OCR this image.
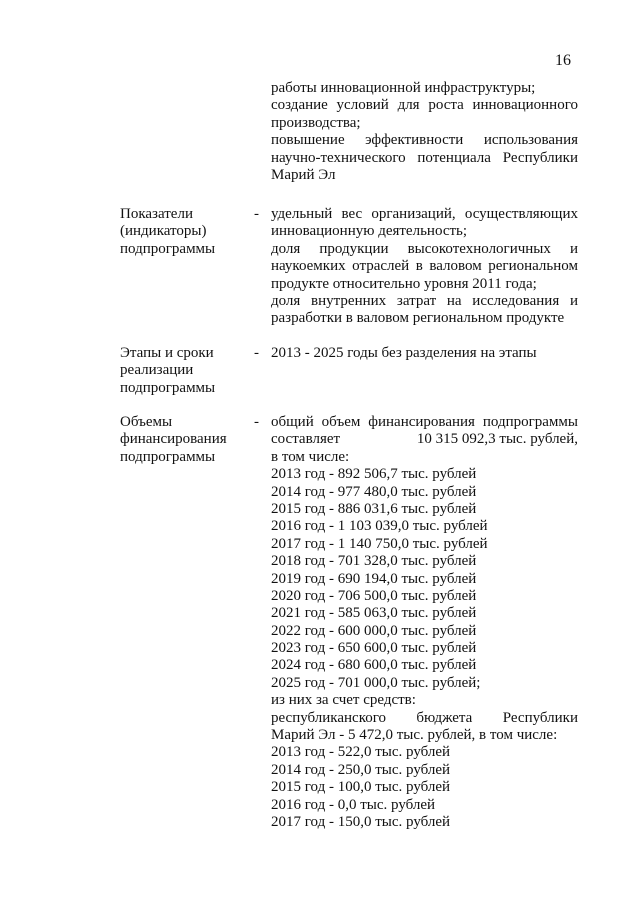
16
работы инновационной инфраструктуры;
создание условий для роста инновационного
производства;
повышение эффективности использования
научно-технического потенциала Республики
Марий Эл
Показатели
(индикаторы)
подпрограммы
- удельный вес организаций, осуществляющих
инновационную деятельность;
доля продукции высокотехнологичных и
наукоемких отраслей в валовом региональном
продукте относительно уровня 2011 года;
доля внутренних затрат на исследования и
разработки в валовом региональном продукте
Этапы и сроки
реализации
подпрограммы
- 2013 - 2025 годы без разделения на этапы
Объемы
финансирования
подпрограммы
- общий объем финансирования подпрограммы
составляет	10 315 092,3 тыс. рублей,
в том числе:
2013 год - 892 506,7 тыс. рублей
2014 год - 977 480,0 тыс. рублей
2015 год - 886 031,6 тыс. рублей
2016 год - 1 103 039,0 тыс. рублей
2017 год - 1 140 750,0 тыс. рублей
2018 год - 701 328,0 тыс. рублей
2019 год - 690 194,0 тыс. рублей
2020 год - 706 500,0 тыс. рублей
2021 год - 585 063,0 тыс. рублей
2022 год - 600 000,0 тыс. рублей
2023 год - 650 600,0 тыс. рублей
2024 год - 680 600,0 тыс. рублей
2025 год - 701 000,0 тыс. рублей;
из них за счет средств:
республиканского бюджета Республики
Марий Эл - 5 472,0 тыс. рублей, в том числе:
2013 год - 522,0 тыс. рублей
2014 год - 250,0 тыс. рублей
2015 год - 100,0 тыс. рублей
2016 год - 0,0 тыс. рублей
2017 год - 150,0 тыс. рублей
